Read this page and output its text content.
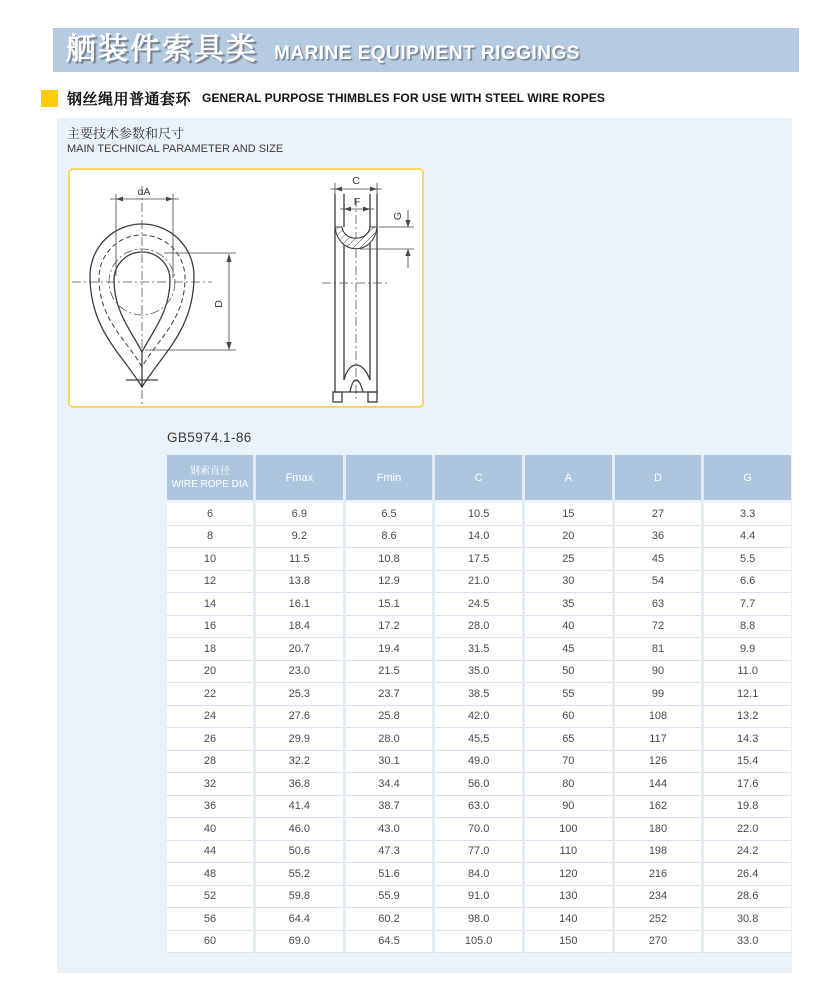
舾装件索具类 MARINE EQUIPMENT RIGGINGS
钢丝绳用普通套环 GENERAL PURPOSE THIMBLES FOR USE WITH STEEL WIRE ROPES
主要技术参数和尺寸
MAIN TECHNICAL PARAMETER AND SIZE
ɑA
D
C
F
G
GB5974.1-86
钢索直径
WIRE ROPE DIA
Fmax	Fmin	C	A	D	G
6	6.9	6.5	10.5	15	27	3.3
8	9.2	8.6	14.0	20	36	4.4
10	11.5	10.8	17.5	25	45	5.5
12	13.8	12.9	21.0	30	54	6.6
14	16.1	15.1	24.5	35	63	7.7
16	18.4	17.2	28.0	40	72	8.8
18	20.7	19.4	31.5	45	81	9.9
20	23.0	21.5	35.0	50	90	11.0
22	25.3	23.7	38.5	55	99	12.1
24	27.6	25.8	42.0	60	108	13.2
26	29.9	28.0	45.5	65	117	14.3
28	32.2	30.1	49.0	70	126	15.4
32	36.8	34.4	56.0	80	144	17.6
36	41.4	38.7	63.0	90	162	19.8
40	46.0	43.0	70.0	100	180	22.0
44	50.6	47.3	77.0	110	198	24.2
48	55.2	51.6	84.0	120	216	26.4
52	59.8	55.9	91.0	130	234	28.6
56	64.4	60.2	98.0	140	252	30.8
60	69.0	64.5	105.0	150	270	33.0
